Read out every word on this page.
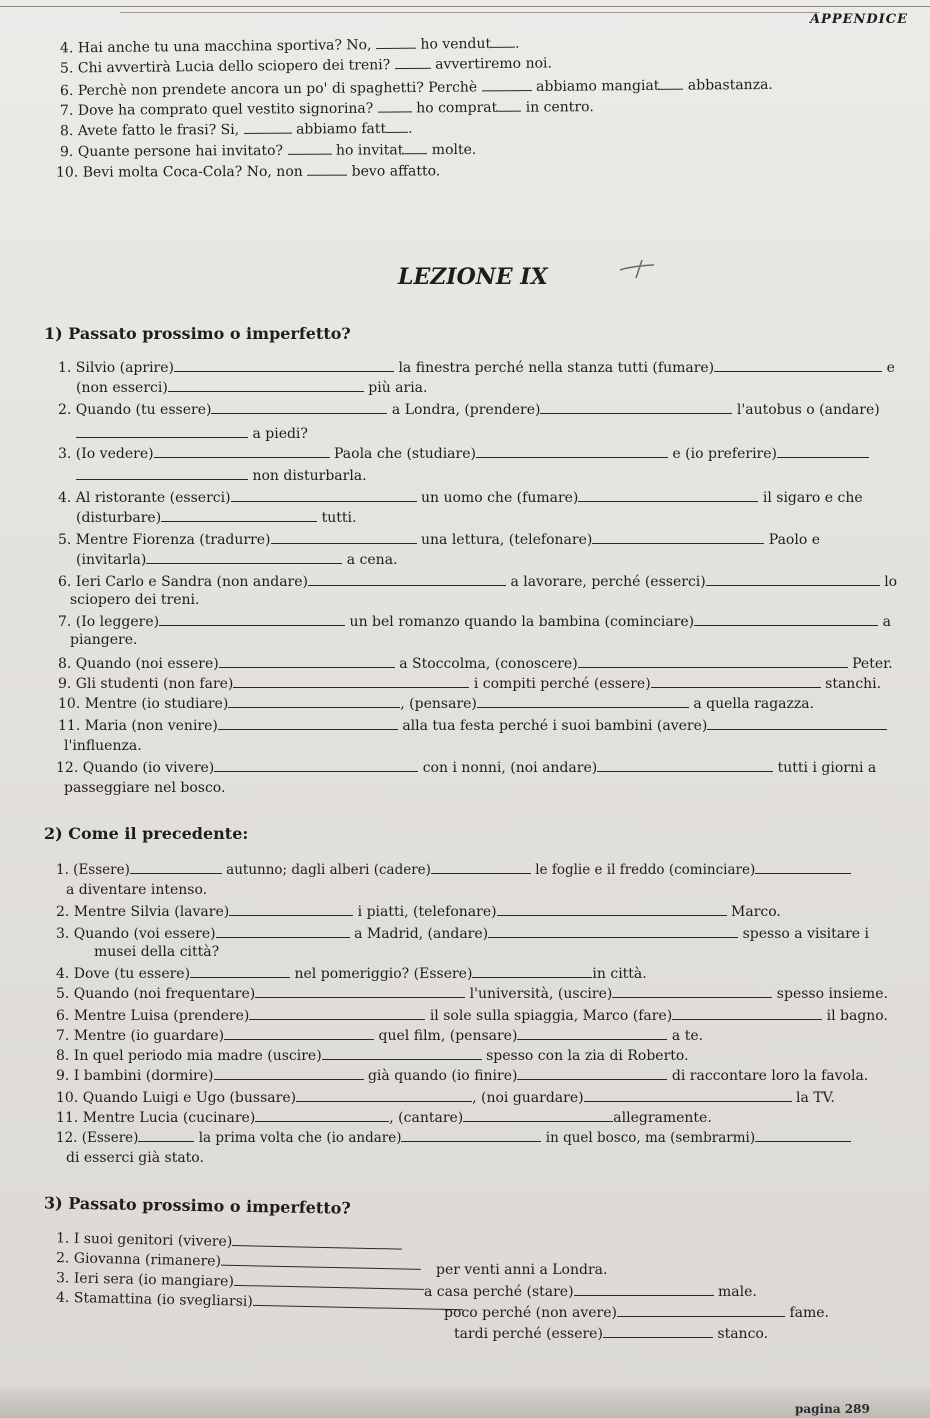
APPENDICE
4. Hai anche tu una macchina sportiva? No,	ho vendut .
5. Chi avvertirà Lucia dello sciopero dei treni?	avvertiremo noi.
6. Perchè non prendete ancora un po' di spaghetti? Perchè	abbiamo mangiat abbastanza.
7. Dove ha comprato quel vestito signorina?	ho comprat in centro.
8. Avete fatto le frasi? Si,	abbiamo fatt .
9. Quante persone hai invitato?	ho invitat molte.
10. Bevi molta Coca-Cola? No, non	bevo affatto.
LEZIONE IX
1) Passato prossimo o imperfetto?
1. Silvio (aprire)	la finestra perché nella stanza tutti (fumare)	e
(non esserci)	più aria.
2. Quando (tu essere)	a Londra, (prendere)	l'autobus o (andare)
a piedi?
3. (Io vedere)	Paola che (studiare)	e (io preferire)
non disturbarla.
4. Al ristorante (esserci)	un uomo che (fumare)	il sigaro e che
(disturbare)	tutti.
5. Mentre Fiorenza (tradurre)	una lettura, (telefonare)	Paolo e
(invitarla)	a cena.
6. Ieri Carlo e Sandra (non andare)	a lavorare, perché (esserci)	lo
sciopero dei treni.
7. (Io leggere)	un bel romanzo quando la bambina (cominciare)	a
piangere.
8. Quando (noi essere)	a Stoccolma, (conoscere)	Peter.
9. Gli studenti (non fare)	i compiti perché (essere)	stanchi.
10. Mentre (io studiare)	, (pensare)	a quella ragazza.
11. Maria (non venire)	alla tua festa perché i suoi bambini (avere)
l'influenza.
12. Quando (io vivere)	con i nonni, (noi andare)	tutti i giorni a
passeggiare nel bosco.
2) Come il precedente:
1. (Essere)	autunno; dagli alberi (cadere)	le foglie e il freddo (cominciare)
a diventare intenso.
2. Mentre Silvia (lavare)	i piatti, (telefonare)	Marco.
3. Quando (voi essere)	a Madrid, (andare)	spesso a visitare i
musei della città?
4. Dove (tu essere)	nel pomeriggio? (Essere)	in città.
5. Quando (noi frequentare)	l'università, (uscire)	spesso insieme.
6. Mentre Luisa (prendere)	il sole sulla spiaggia, Marco (fare)	il bagno.
7. Mentre (io guardare)	quel film, (pensare)	a te.
8. In quel periodo mia madre (uscire)	spesso con la zia di Roberto.
9. I bambini (dormire)	già quando (io finire)	di raccontare loro la favola.
10. Quando Luigi e Ugo (bussare)	, (noi guardare)	la TV.
11. Mentre Lucia (cucinare)	, (cantare)	allegramente.
12. (Essere)	la prima volta che (io andare)	in quel bosco, ma (sembrarmi)
di esserci già stato.
3) Passato prossimo o imperfetto?
1. I suoi genitori (vivere)
per venti anni a Londra.
2. Giovanna (rimanere)
a casa perché (stare)	male.
3. Ieri sera (io mangiare)
poco perché (non avere)	fame.
4. Stamattina (io svegliarsi)
tardi perché (essere)	stanco.
pagina 289
